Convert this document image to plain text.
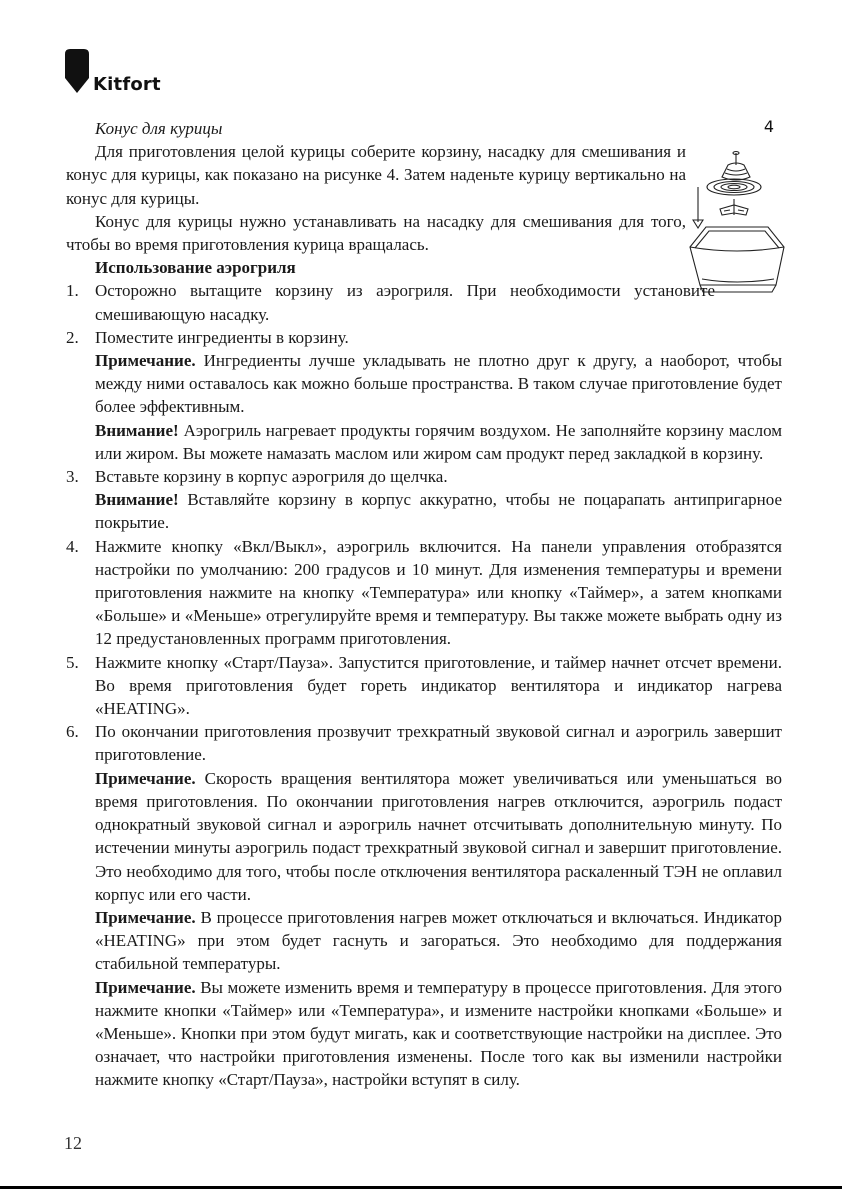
Kitfort
4

Конус для курицы

Для приготовления целой курицы соберите корзину, насадку для смешивания и конус для курицы, как показано на рисунке 4. Затем наденьте курицу вертикально на конус для курицы.

Конус для курицы нужно устанавливать на насадку для смешивания для того, чтобы во время приготовления курица вращалась.

Использование аэрогриля

1. Осторожно вытащите корзину из аэрогриля. При необходимости установите смешивающую насадку.
2. Поместите ингредиенты в корзину.

Примечание. Ингредиенты лучше укладывать не плотно друг к другу, а наоборот, чтобы между ними оставалось как можно больше пространства. В таком случае приготовление будет более эффективным.

Внимание! Аэрогриль нагревает продукты горячим воздухом. Не заполняйте корзину маслом или жиром. Вы можете намазать маслом или жиром сам продукт перед закладкой в корзину.

3. Вставьте корзину в корпус аэрогриля до щелчка.

Внимание! Вставляйте корзину в корпус аккуратно, чтобы не поцарапать антипригарное покрытие.

4. Нажмите кнопку «Вкл/Выкл», аэрогриль включится. На панели управления отобразятся настройки по умолчанию: 200 градусов и 10 минут. Для изменения температуры и времени приготовления нажмите на кнопку «Температура» или кнопку «Таймер», а затем кнопками «Больше» и «Меньше» отрегулируйте время и температуру. Вы также можете выбрать одну из 12 предустановленных программ приготовления.
5. Нажмите кнопку «Старт/Пауза». Запустится приготовление, и таймер начнет отсчет времени. Во время приготовления будет гореть индикатор вентилятора и индикатор нагрева «HEATING».
6. По окончании приготовления прозвучит трехкратный звуковой сигнал и аэрогриль завершит приготовление.

Примечание. Скорость вращения вентилятора может увеличиваться или уменьшаться во время приготовления. По окончании приготовления нагрев отключится, аэрогриль подаст однократный звуковой сигнал и аэрогриль начнет отсчитывать дополнительную минуту. По истечении минуты аэрогриль подаст трехкратный звуковой сигнал и завершит приготовление. Это необходимо для того, чтобы после отключения вентилятора раскаленный ТЭН не оплавил корпус или его части.

Примечание. В процессе приготовления нагрев может отключаться и включаться. Индикатор «HEATING» при этом будет гаснуть и загораться. Это необходимо для поддержания стабильной температуры.

Примечание. Вы можете изменить время и температуру в процессе приготовления. Для этого нажмите кнопки «Таймер» или «Температура», и измените настройки кнопками «Больше» и «Меньше». Кнопки при этом будут мигать, как и соответствующие настройки на дисплее. Это означает, что настройки приготовления изменены. После того как вы изменили настройки нажмите кнопку «Старт/Пауза», настройки вступят в силу.

12
